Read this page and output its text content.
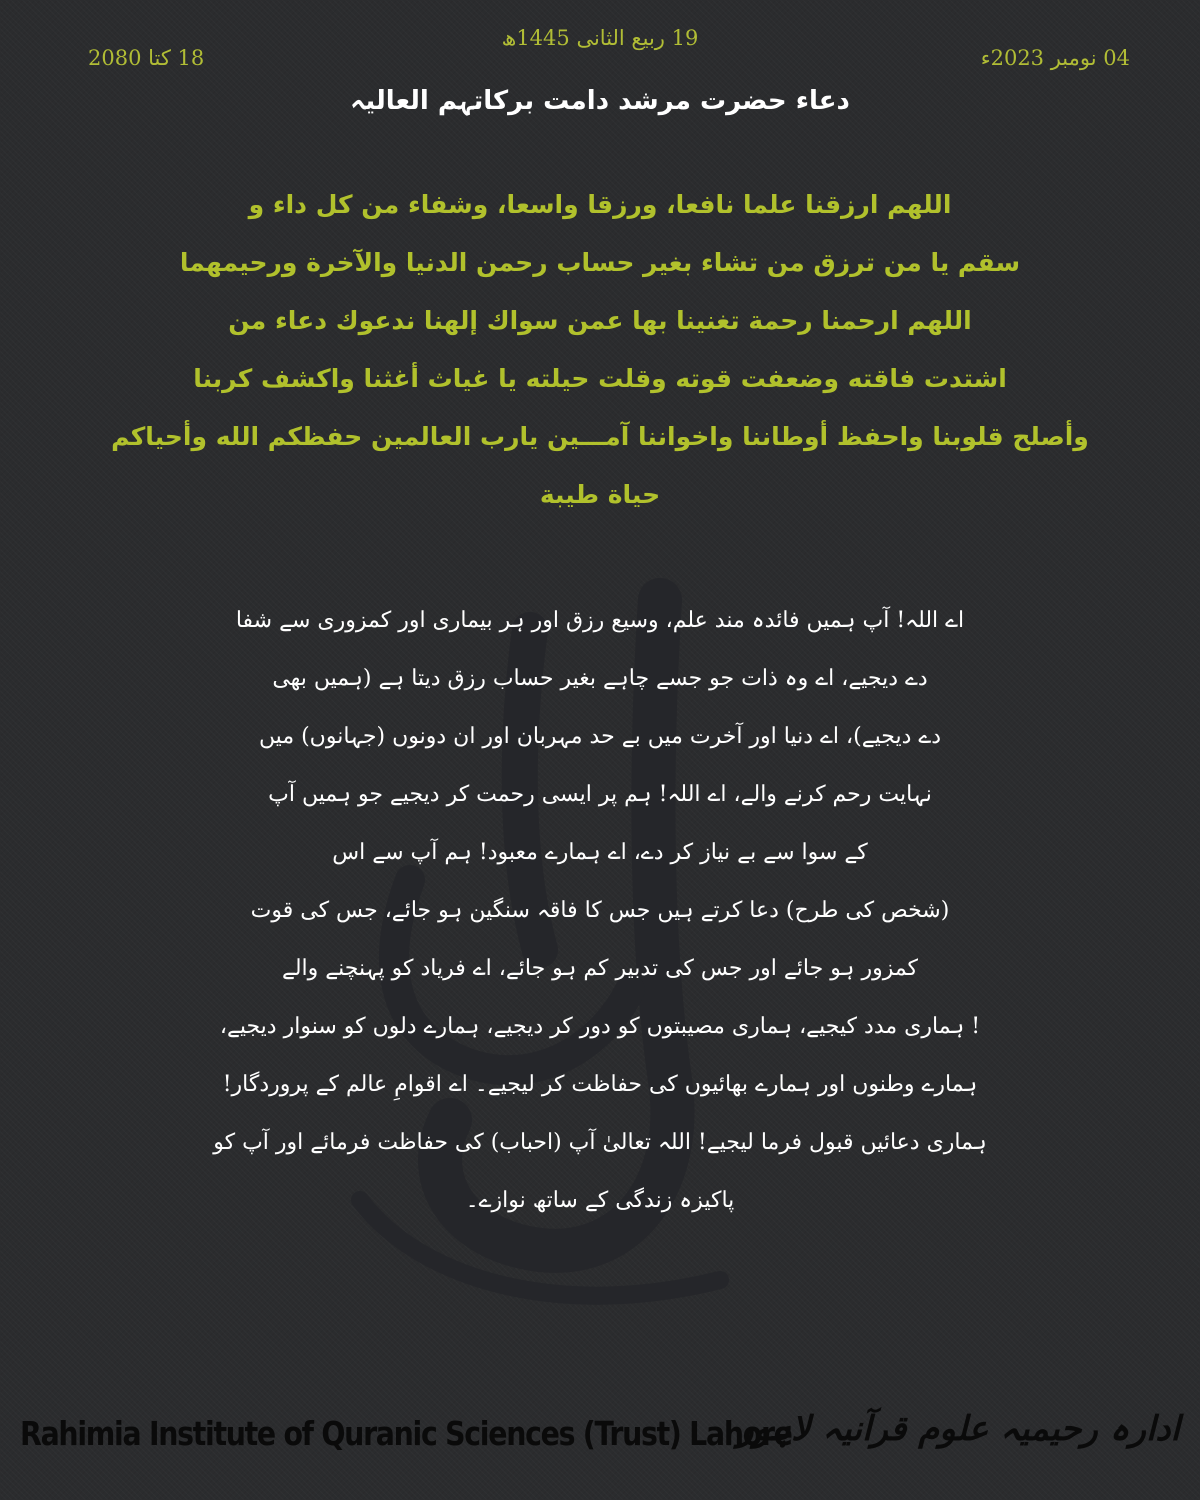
04 نومبر 2023ء
19 ربیع الثانی 1445ھ
18 کتا 2080
دعاء حضرت مرشد دامت برکاتہم العالیہ
اللهم ارزقنا علما نافعا، ورزقا واسعا، وشفاء من كل داء و
سقم يا من ترزق من تشاء بغير حساب رحمن الدنيا والآخرة ورحيمهما
اللهم ارحمنا رحمة تغنينا بها عمن سواك إلهنا ندعوك دعاء من
اشتدت فاقته وضعفت قوته وقلت حيلته يا غياث أغثنا واكشف كربنا
وأصلح قلوبنا واحفظ أوطاننا واخواننا آمـــين يارب العالمين حفظكم الله وأحياكم
حياة طيبة
اے اللہ! آپ ہمیں فائدہ مند علم، وسیع رزق اور ہر بیماری اور کمزوری سے شفا
دے دیجیے، اے وہ ذات جو جسے چاہے بغیر حساب رزق دیتا ہے (ہمیں بھی
دے دیجیے)، اے دنیا اور آخرت میں بے حد مہربان اور ان دونوں (جہانوں) میں
نہایت رحم کرنے والے، اے اللہ! ہم پر ایسی رحمت کر دیجیے جو ہمیں آپ
کے سوا سے بے نیاز کر دے، اے ہمارے معبود! ہم آپ سے اس
(شخص کی طرح) دعا کرتے ہیں جس کا فاقہ سنگین ہو جائے، جس کی قوت
کمزور ہو جائے اور جس کی تدبیر کم ہو جائے، اے فریاد کو پہنچنے والے
! ہماری مدد کیجیے، ہماری مصیبتوں کو دور کر دیجیے، ہمارے دلوں کو سنوار دیجیے،
ہمارے وطنوں اور ہمارے بھائیوں کی حفاظت کر لیجیے۔ اے اقوامِ عالم کے پروردگار!
ہماری دعائیں قبول فرما لیجیے! اللہ تعالیٰ آپ (احباب) کی حفاظت فرمائے اور آپ کو
پاکیزہ زندگی کے ساتھ نوازے۔
Rahimia Institute of Quranic Sciences (Trust) Lahore
ادارہ رحیمیہ علوم قرآنیہ لاہور
